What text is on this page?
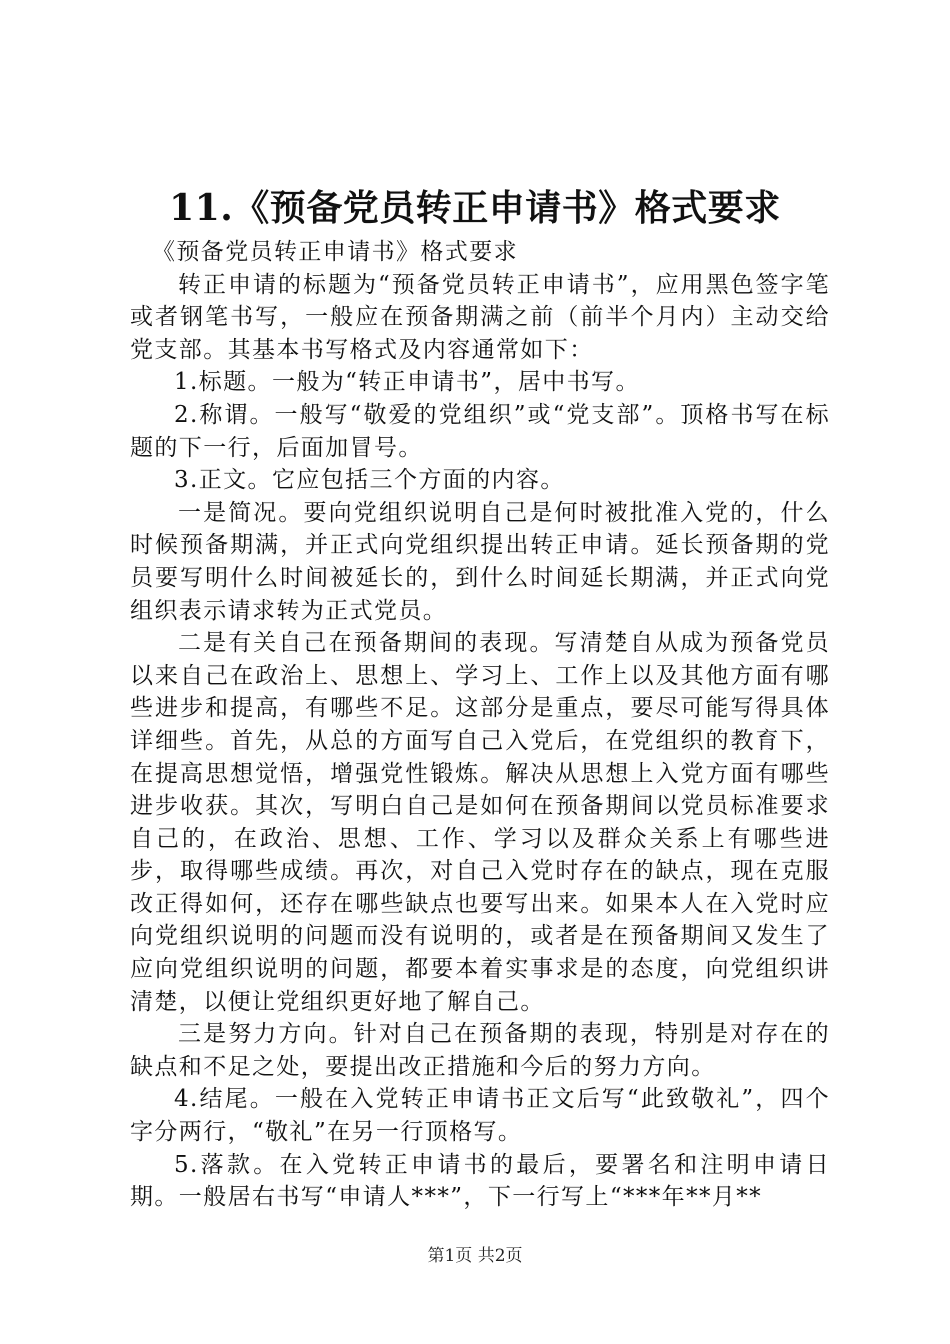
11.《预备党员转正申请书》格式要求

《预备党员转正申请书》格式要求

转正申请的标题为“预备党员转正申请书”，应用黑色签字笔或者钢笔书写，一般应在预备期满之前（前半个月内）主动交给党支部。其基本书写格式及内容通常如下：

1.标题。一般为“转正申请书”，居中书写。

2.称谓。一般写“敬爱的党组织”或“党支部”。顶格书写在标题的下一行，后面加冒号。

3.正文。它应包括三个方面的内容。

一是简况。要向党组织说明自己是何时被批准入党的，什么时候预备期满，并正式向党组织提出转正申请。延长预备期的党员要写明什么时间被延长的，到什么时间延长期满，并正式向党组织表示请求转为正式党员。

二是有关自己在预备期间的表现。写清楚自从成为预备党员以来自己在政治上、思想上、学习上、工作上以及其他方面有哪些进步和提高，有哪些不足。这部分是重点，要尽可能写得具体详细些。首先，从总的方面写自己入党后，在党组织的教育下，在提高思想觉悟，增强党性锻炼。解决从思想上入党方面有哪些进步收获。其次，写明白自己是如何在预备期间以党员标准要求自己的，在政治、思想、工作、学习以及群众关系上有哪些进步，取得哪些成绩。再次，对自己入党时存在的缺点，现在克服改正得如何，还存在哪些缺点也要写出来。如果本人在入党时应向党组织说明的问题而没有说明的，或者是在预备期间又发生了应向党组织说明的问题，都要本着实事求是的态度，向党组织讲清楚，以便让党组织更好地了解自己。

三是努力方向。针对自己在预备期的表现，特别是对存在的缺点和不足之处，要提出改正措施和今后的努力方向。

4.结尾。一般在入党转正申请书正文后写“此致敬礼”，四个字分两行，“敬礼”在另一行顶格写。

5.落款。在入党转正申请书的最后，要署名和注明申请日期。一般居右书写“申请人***”，下一行写上“***年**月**

第1页 共2页
